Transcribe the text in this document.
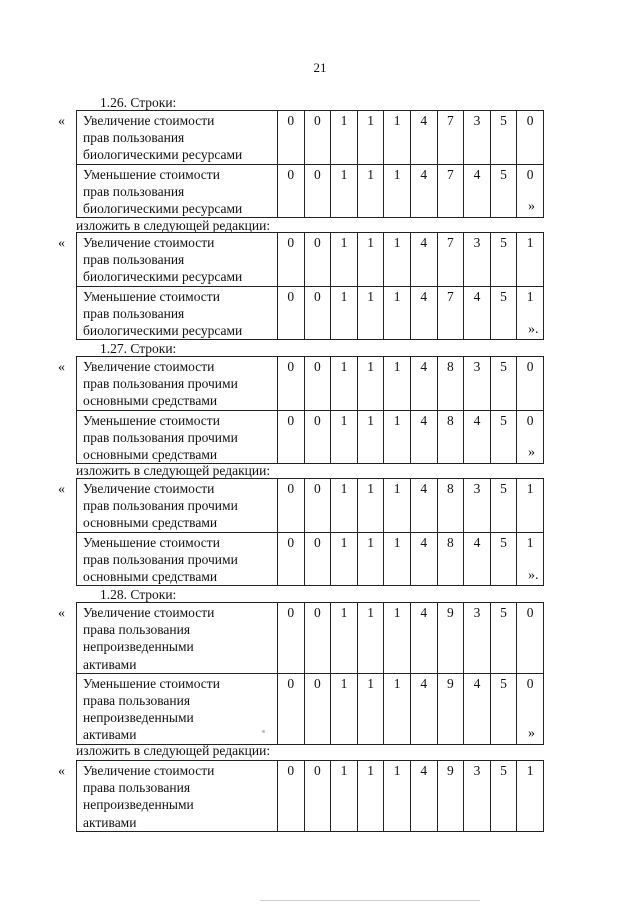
21
1.26. Строки:
« Увеличение стоимости
прав пользования
биологическими ресурсами	0	0	1	1	1	4	7	3	5	0

Уменьшение стоимости
прав пользования
биологическими ресурсами	0	0	1	1	1	4	7	4	5	0
»
изложить в следующей редакции:
« Увеличение стоимости
прав пользования
биологическими ресурсами	0	0	1	1	1	4	7	3	5	1

Уменьшение стоимости
прав пользования
биологическими ресурсами	0	0	1	1	1	4	7	4	5	1
».
1.27. Строки:
« Увеличение стоимости
прав пользования прочими
основными средствами	0	0	1	1	1	4	8	3	5	0

Уменьшение стоимости
прав пользования прочими
основными средствами	0	0	1	1	1	4	8	4	5	0
»
изложить в следующей редакции:
« Увеличение стоимости
прав пользования прочими
основными средствами	0	0	1	1	1	4	8	3	5	1

Уменьшение стоимости
прав пользования прочими
основными средствами	0	0	1	1	1	4	8	4	5	1
».
1.28. Строки:
« Увеличение стоимости
права пользования
непроизведенными
активами	0	0	1	1	1	4	9	3	5	0

Уменьшение стоимости
права пользования
непроизведенными
активами	0	0	1	1	1	4	9	4	5	0
»
изложить в следующей редакции:
« Увеличение стоимости
права пользования
непроизведенными
активами
	0	0	1	1	1	4	9	3	5	1
